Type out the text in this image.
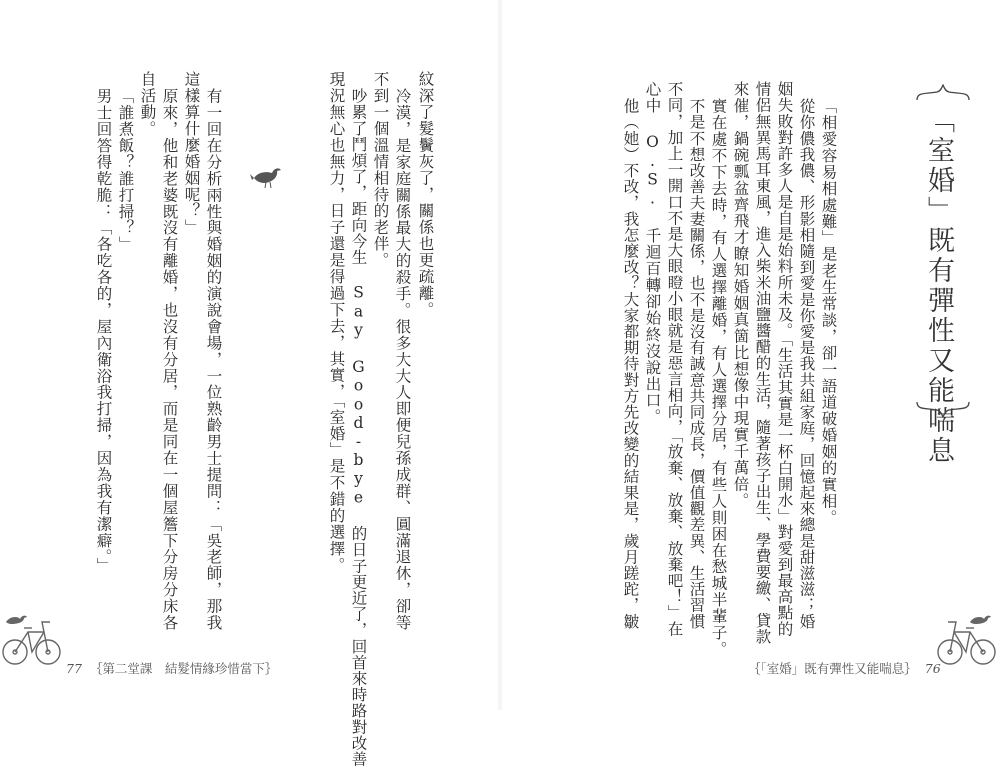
紋深了髮鬢灰了，關係也更疏離。
冷漠，是家庭關係最大的殺手。很多大大人即便兒孫成群、圓滿退休，卻等
不到一個溫情相待的老伴。
吵累了鬥煩了，距向今生 Say Good-bye 的日子更近了，回首來時路對改善
現況無心也無力，日子還是得過下去，其實，「室婚」是不錯的選擇。
有一回在分析兩性與婚姻的演說會場，一位熟齡男士提問：「吳老師，那我
這樣算什麼婚姻呢？」
原來，他和老婆既沒有離婚，也沒有分居，而是同在一個屋簷下分房分床各
自活動。
「誰煮飯？誰打掃？」
男士回答得乾脆：「各吃各的，屋內衛浴我打掃，因為我有潔癖。」
77 ｛第二堂課　結髮情緣珍惜當下｝
「室婚」既有彈性又能喘息
「相愛容易相處難」是老生常談，卻一語道破婚姻的實相。
從你儂我儂、形影相隨到愛是你愛是我共組家庭，回憶起來總是甜滋滋；婚
姻失敗對許多人是自是始料所未及。「生活其實是一杯白開水」對愛到最高點的
情侶無異馬耳東風，進入柴米油鹽醬醋的生活，隨著孩子出生、學費要繳、貸款
來催，鍋碗瓢盆齊飛才瞭知婚姻真箇比想像中現實千萬倍。
實在處不下去時，有人選擇離婚，有人選擇分居，有些人則困在愁城半輩子。
不是不想改善夫妻關係，也不是沒有誠意共同成長，價值觀差異、生活習慣
不同，加上一開口不是大眼瞪小眼就是惡言相向，「放棄、放棄、放棄吧！」在
心中 O.S. 千迴百轉卻始終沒說出口。
他（她）不改，我怎麼改？大家都期待對方先改變的結果是，歲月蹉跎，皺
｛「室婚」既有彈性又能喘息｝ 76
